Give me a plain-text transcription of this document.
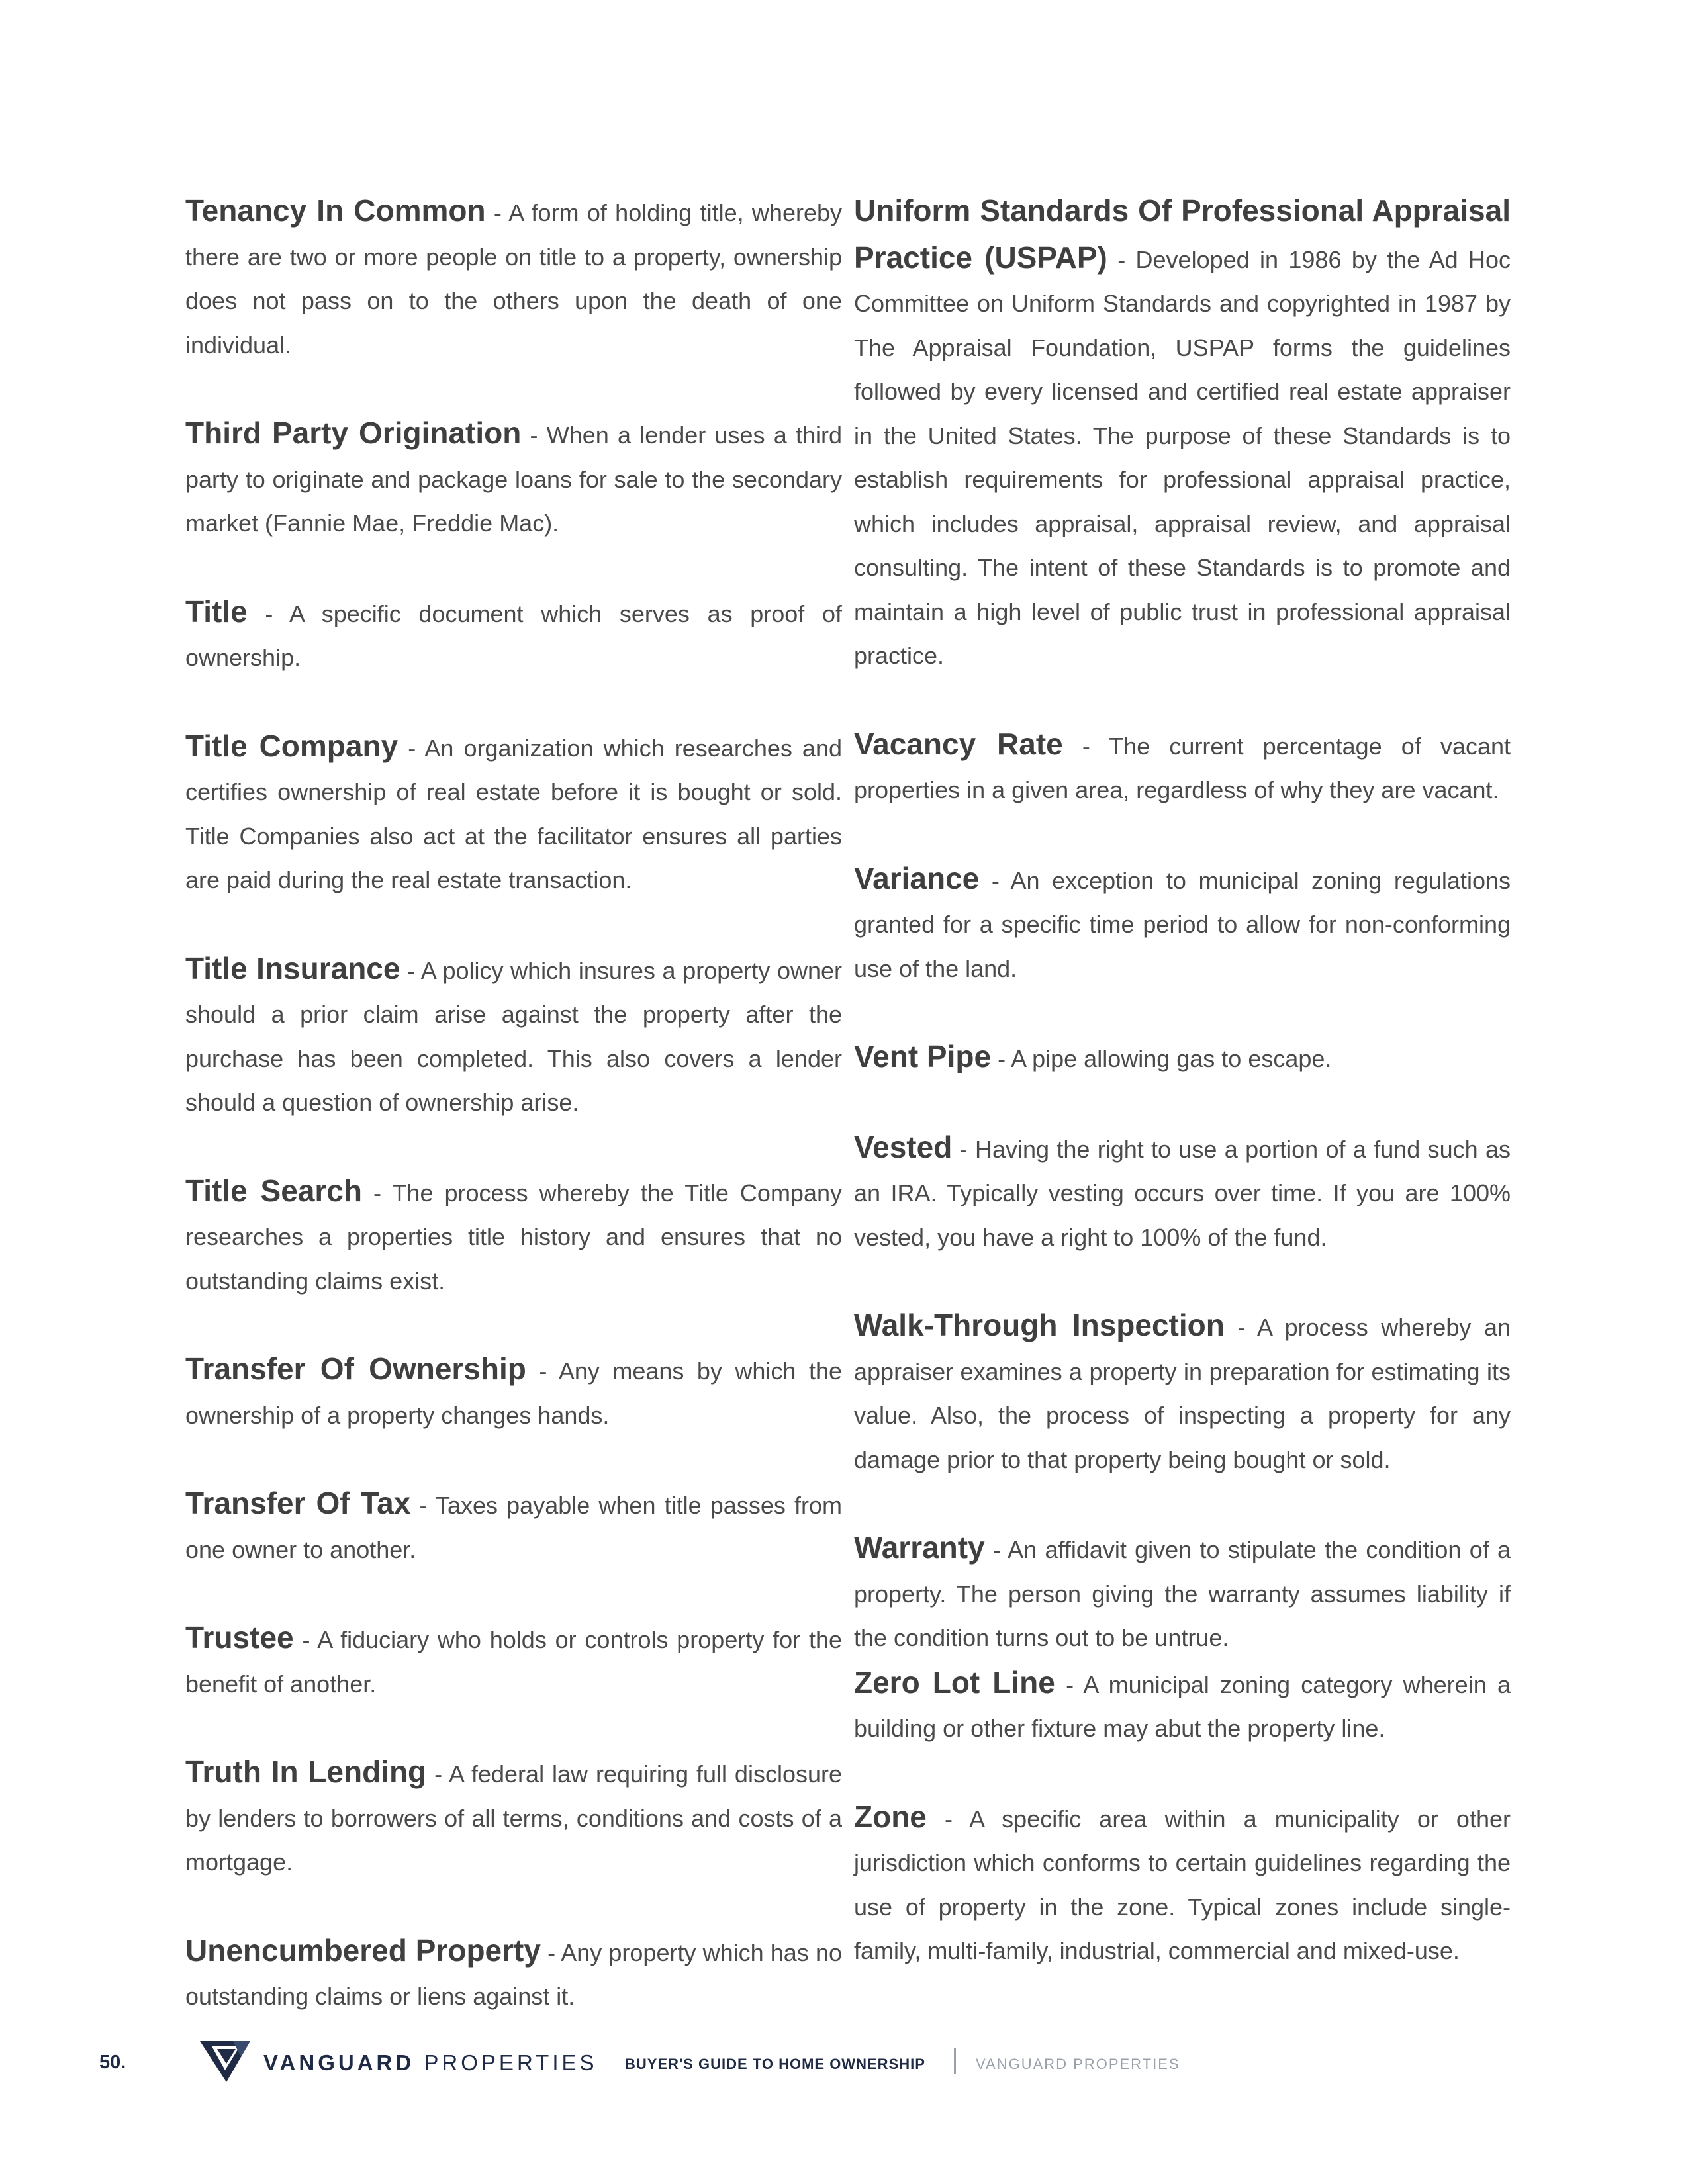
Tenancy In Common - A form of holding title, whereby there are two or more people on title to a property, ownership does not pass on to the others upon the death of one individual.
Third Party Origination - When a lender uses a third party to originate and package loans for sale to the secondary market (Fannie Mae, Freddie Mac).
Title - A specific document which serves as proof of ownership.
Title Company - An organization which researches and certifies ownership of real estate before it is bought or sold. Title Companies also act at the facilitator ensures all parties are paid during the real estate transaction.
Title Insurance - A policy which insures a property owner should a prior claim arise against the property after the purchase has been completed. This also covers a lender should a question of ownership arise.
Title Search - The process whereby the Title Company researches a properties title history and ensures that no outstanding claims exist.
Transfer Of Ownership - Any means by which the ownership of a property changes hands.
Transfer Of Tax - Taxes payable when title passes from one owner to another.
Trustee - A fiduciary who holds or controls property for the benefit of another.
Truth In Lending - A federal law requiring full disclosure by lenders to borrowers of all terms, conditions and costs of a mortgage.
Unencumbered Property - Any property which has no outstanding claims or liens against it.
Uniform Standards Of Professional Appraisal Practice (USPAP) - Developed in 1986 by the Ad Hoc Committee on Uniform Standards and copyrighted in 1987 by The Appraisal Foundation, USPAP forms the guidelines followed by every licensed and certified real estate appraiser in the United States. The purpose of these Standards is to establish requirements for professional appraisal practice, which includes appraisal, appraisal review, and appraisal consulting. The intent of these Standards is to promote and maintain a high level of public trust in professional appraisal practice.
Vacancy Rate - The current percentage of vacant properties in a given area, regardless of why they are vacant.
Variance - An exception to municipal zoning regulations granted for a specific time period to allow for non-conforming use of the land.
Vent Pipe - A pipe allowing gas to escape.
Vested - Having the right to use a portion of a fund such as an IRA. Typically vesting occurs over time. If you are 100% vested, you have a right to 100% of the fund.
Walk-Through Inspection - A process whereby an appraiser examines a property in preparation for estimating its value. Also, the process of inspecting a property for any damage prior to that property being bought or sold.
Warranty - An affidavit given to stipulate the condition of a property. The person giving the warranty assumes liability if the condition turns out to be untrue.
Zero Lot Line - A municipal zoning category wherein a building or other fixture may abut the property line.
Zone - A specific area within a municipality or other jurisdiction which conforms to certain guidelines regarding the use of property in the zone. Typical zones include single-family, multi-family, industrial, commercial and mixed-use.
50.	VANGUARD PROPERTIES BUYER'S GUIDE TO HOME OWNERSHIP	VANGUARD PROPERTIES
